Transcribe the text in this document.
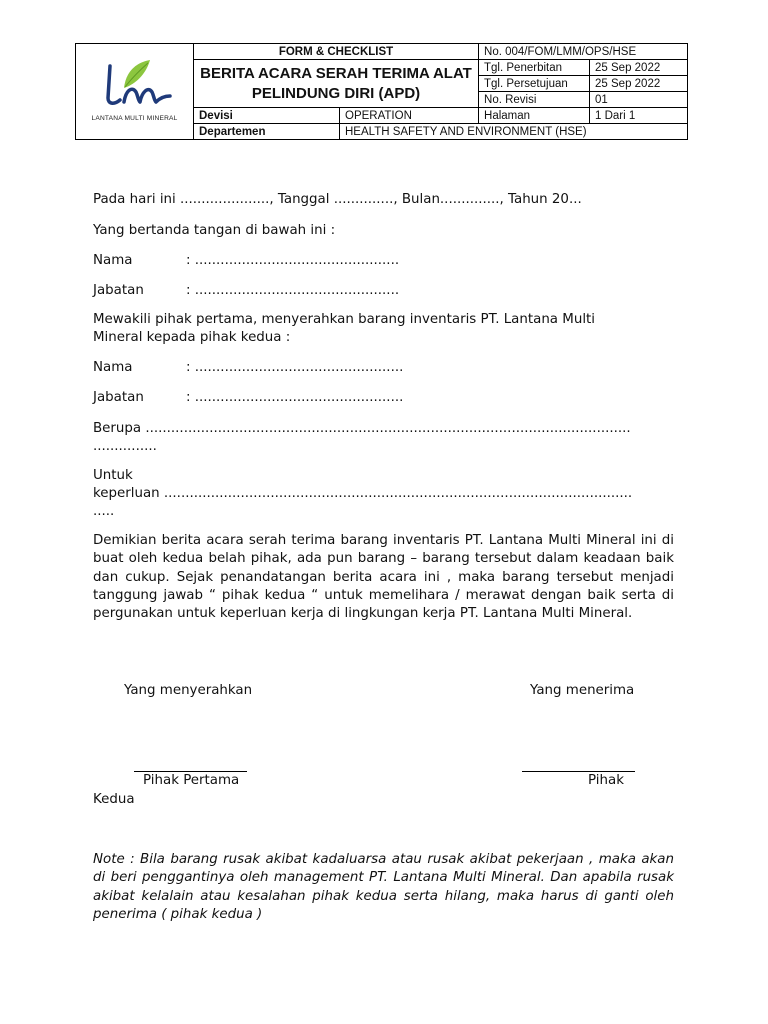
LANTANA MULTI MINERAL	FORM & CHECKLIST		No. 004/FOM/LMM/OPS/HSE	
	BERITA ACARA SERAH TERIMA ALAT PELINDUNG DIRI (APD)		Tgl. Penerbitan	25 Sep 2022
			Tgl. Persetujuan	25 Sep 2022
			No. Revisi	01
	Devisi	OPERATION	Halaman	1 Dari 1
	Departemen	HEALTH SAFETY AND ENVIRONMENT (HSE)		
Pada hari ini ....................., Tanggal .............., Bulan.............., Tahun 20...
Yang bertanda tangan di bawah ini :
Nama	: ................................................
Jabatan	: ................................................
Mewakili pihak pertama, menyerahkan barang inventaris PT. Lantana Multi
Mineral kepada pihak kedua :
Nama	: .................................................
Jabatan	: .................................................
Berupa ..................................................................................................................
...............
Untuk
keperluan ..............................................................................................................
.....
Demikian berita acara serah terima barang inventaris PT. Lantana Multi Mineral ini di buat oleh kedua belah pihak, ada pun barang – barang tersebut dalam keadaan baik dan cukup. Sejak penandatangan berita acara ini , maka barang tersebut menjadi tanggung jawab “ pihak kedua “ untuk memelihara / merawat dengan baik serta di pergunakan untuk keperluan kerja di lingkungan kerja PT. Lantana Multi Mineral.
Yang menyerahkan	Yang menerima
Pihak Pertama	Pihak
Kedua
Note : Bila barang rusak akibat kadaluarsa atau rusak akibat pekerjaan , maka akan di beri penggantinya oleh management PT. Lantana Multi Mineral. Dan apabila rusak akibat kelalain atau kesalahan pihak kedua serta hilang, maka harus di ganti oleh penerima ( pihak kedua )
